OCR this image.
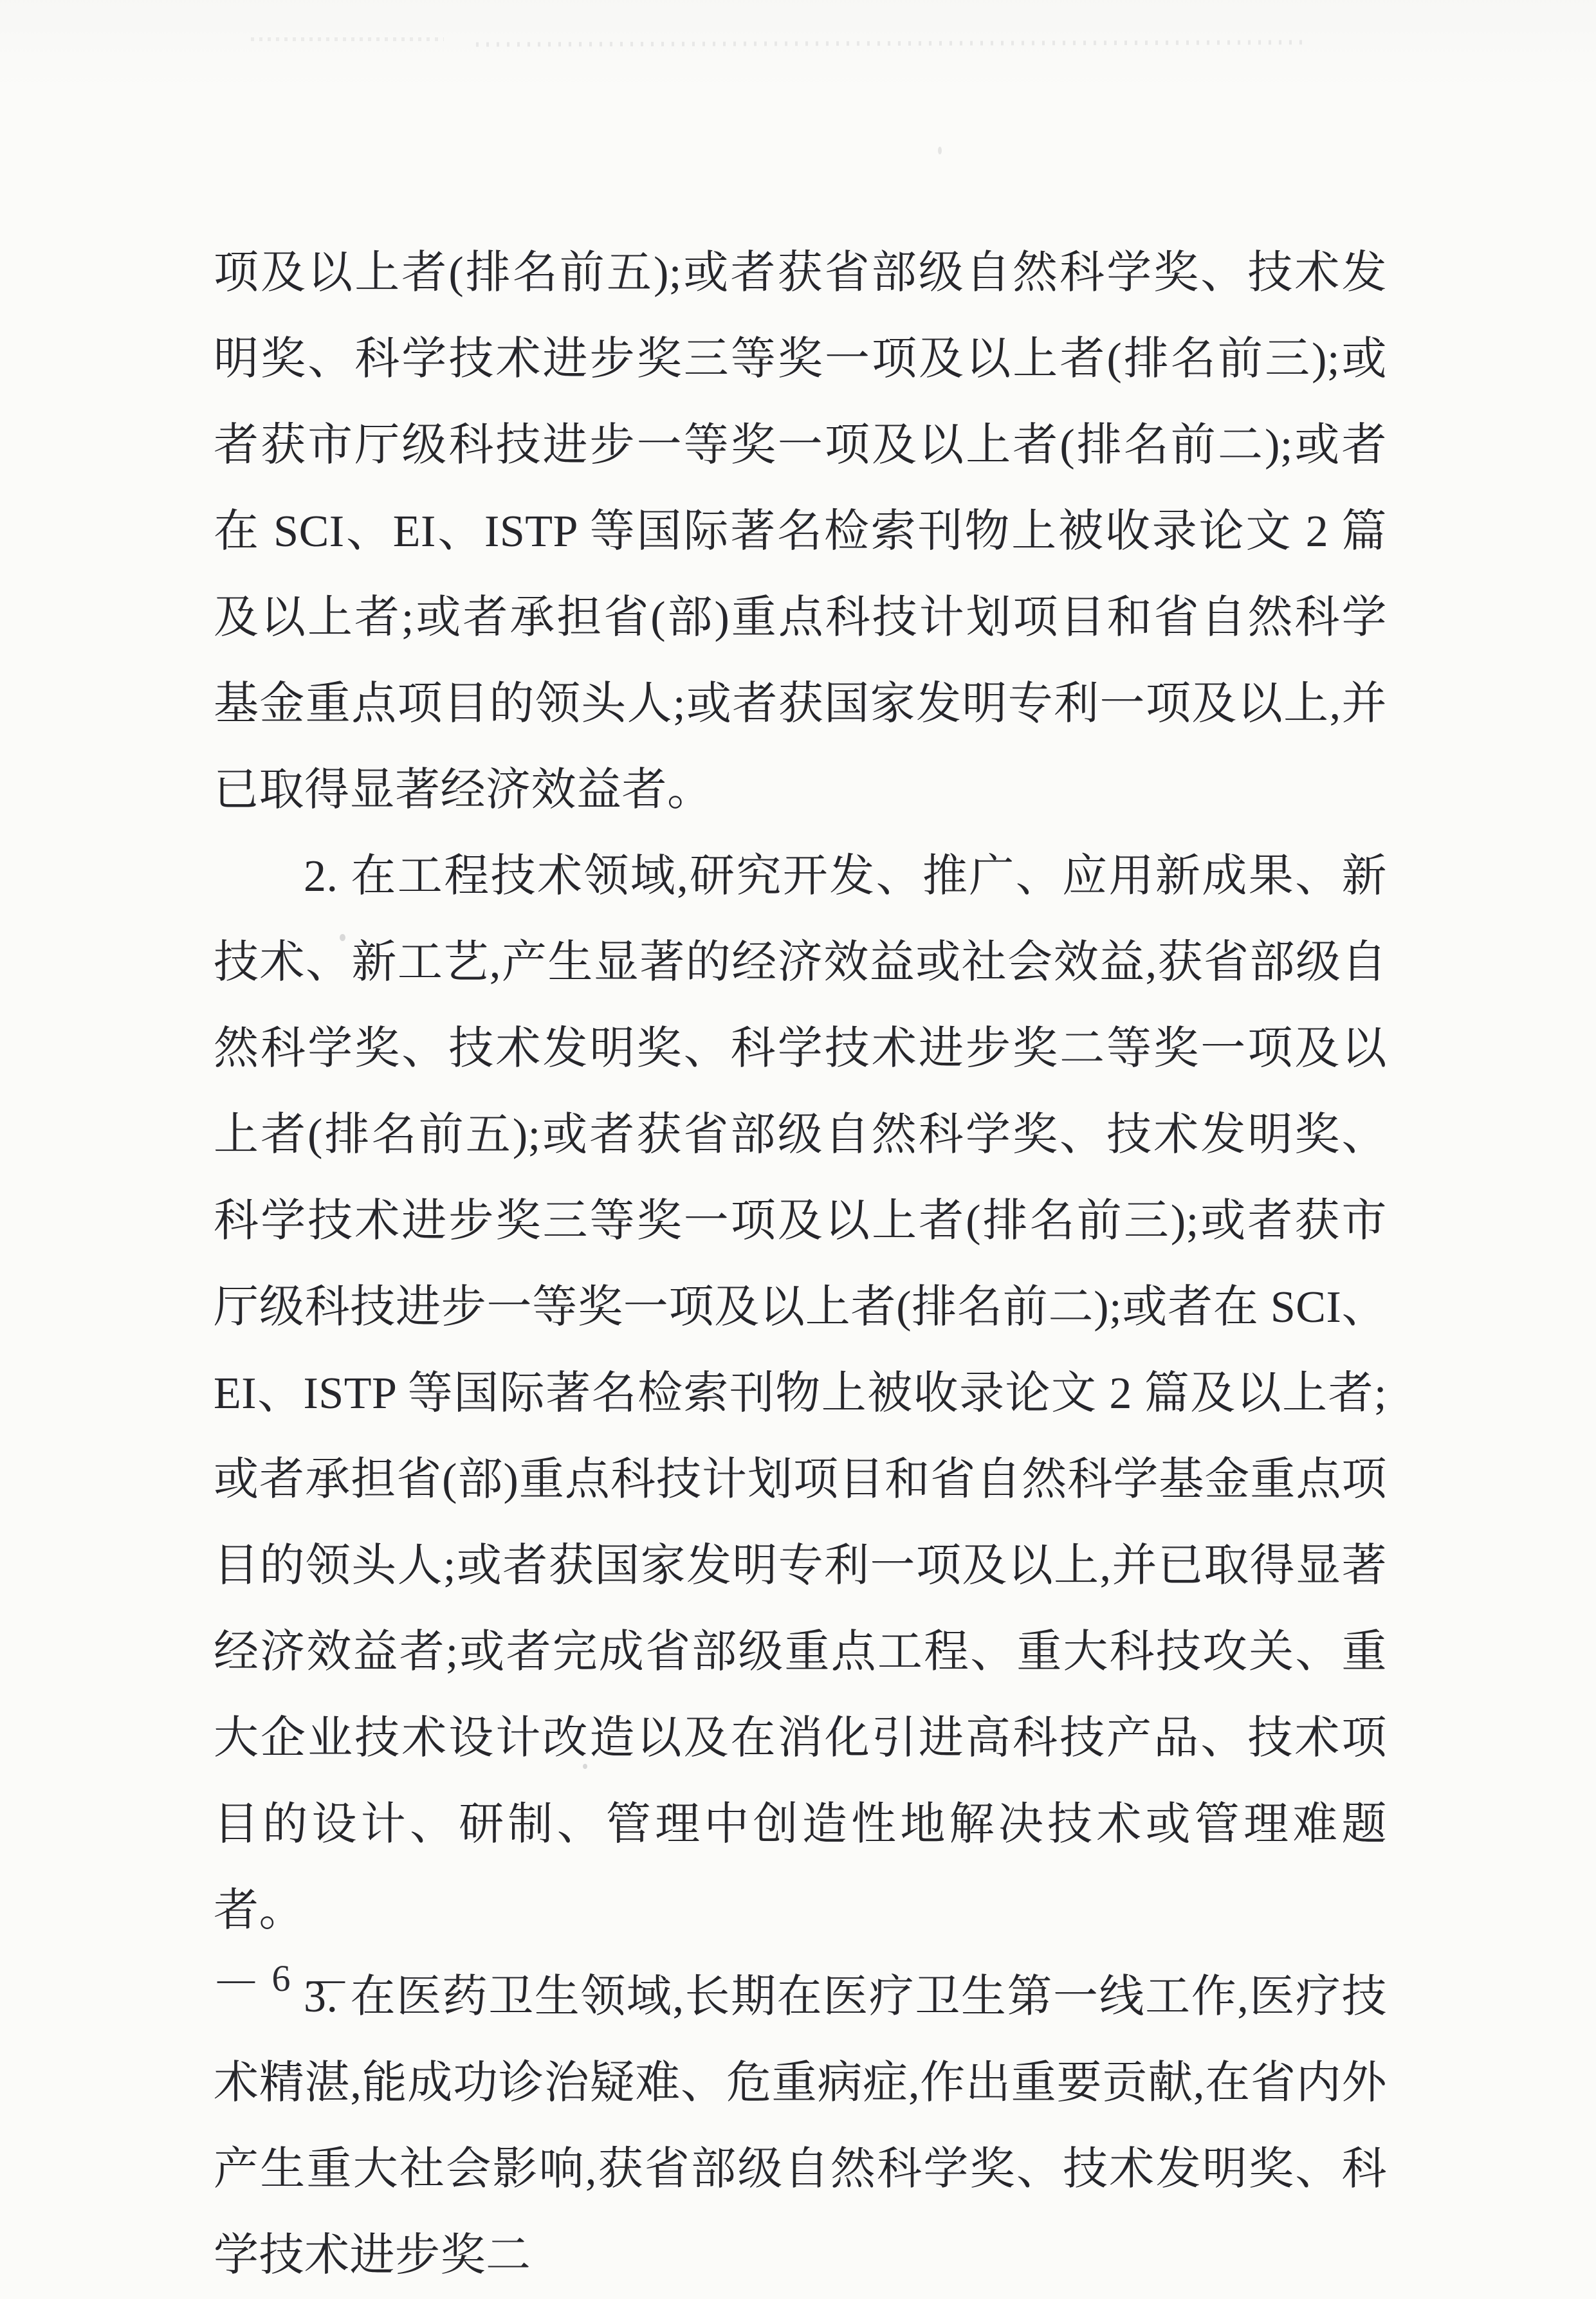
项及以上者(排名前五);或者获省部级自然科学奖、技术发明奖、科学技术进步奖三等奖一项及以上者(排名前三);或者获市厅级科技进步一等奖一项及以上者(排名前二);或者在 SCI、EI、ISTP 等国际著名检索刊物上被收录论文 2 篇及以上者;或者承担省(部)重点科技计划项目和省自然科学基金重点项目的领头人;或者获国家发明专利一项及以上,并已取得显著经济效益者。

2. 在工程技术领域,研究开发、推广、应用新成果、新技术、新工艺,产生显著的经济效益或社会效益,获省部级自然科学奖、技术发明奖、科学技术进步奖二等奖一项及以上者(排名前五);或者获省部级自然科学奖、技术发明奖、科学技术进步奖三等奖一项及以上者(排名前三);或者获市厅级科技进步一等奖一项及以上者(排名前二);或者在 SCI、EI、ISTP 等国际著名检索刊物上被收录论文 2 篇及以上者;或者承担省(部)重点科技计划项目和省自然科学基金重点项目的领头人;或者获国家发明专利一项及以上,并已取得显著经济效益者;或者完成省部级重点工程、重大科技攻关、重大企业技术设计改造以及在消化引进高科技产品、技术项目的设计、研制、管理中创造性地解决技术或管理难题者。

3. 在医药卫生领域,长期在医疗卫生第一线工作,医疗技术精湛,能成功诊治疑难、危重病症,作出重要贡献,在省内外产生重大社会影响,获省部级自然科学奖、技术发明奖、科学技术进步奖二

— 6 —
